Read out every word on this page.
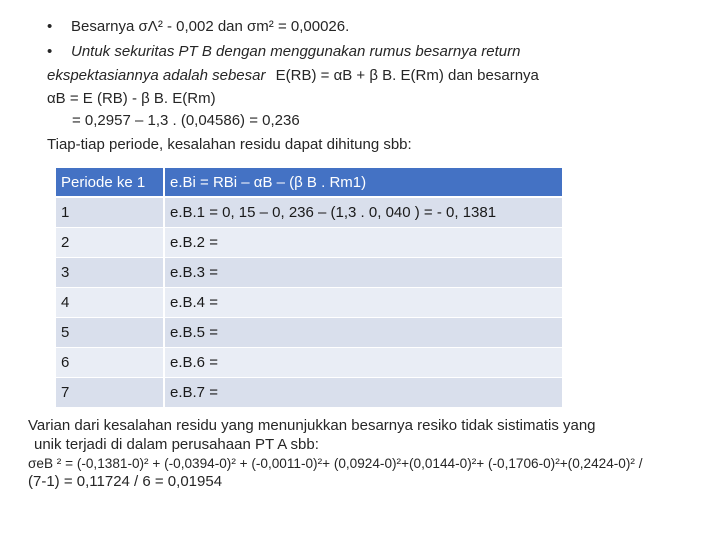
• Besarnya σΛ² - 0,002 dan σm² = 0,00026.
• Untuk sekuritas PT B dengan menggunakan rumus besarnya return
ekspektasiannya adalah sebesar E(RB) = αB + β B. E(Rm) dan besarnya
αB = E (RB) - β B. E(Rm)
= 0,2957 – 1,3 . (0,04586) = 0,236
Tiap-tiap periode, kesalahan residu dapat dihitung sbb:
Periode ke 1	e.Bi = RBi – αB – (β B . Rm1)
1	e.B.1 = 0, 15 – 0, 236 – (1,3 . 0, 040 ) = - 0, 1381
2	e.B.2 =
3	e.B.3 =
4	e.B.4 =
5	e.B.5 =
6	e.B.6 =
7	e.B.7 =
Varian dari kesalahan residu yang menunjukkan besarnya resiko tidak sistimatis yang
unik terjadi di dalam perusahaan PT A sbb:
σeB ² = (-0,1381-0)² + (-0,0394-0)² + (-0,0011-0)²+ (0,0924-0)²+(0,0144-0)²+ (-0,1706-0)²+(0,2424-0)² /
(7-1) = 0,11724 / 6 = 0,01954
